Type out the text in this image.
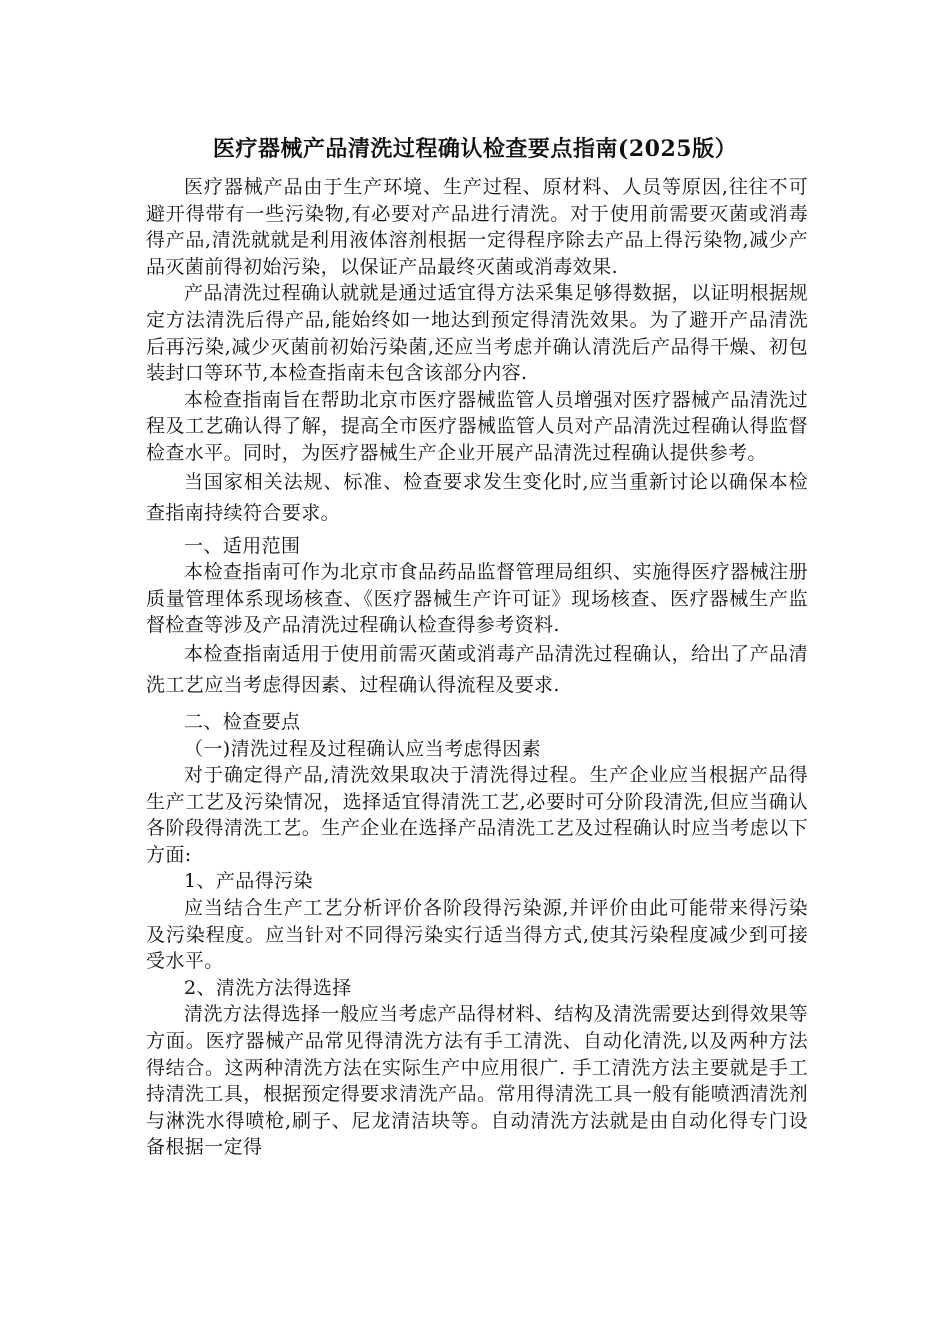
医疗器械产品清洗过程确认检查要点指南(2025版）

医疗器械产品由于生产环境、生产过程、原材料、人员等原因,往往不可避开得带有一些污染物,有必要对产品进行清洗。对于使用前需要灭菌或消毒得产品,清洗就就是利用液体溶剂根据一定得程序除去产品上得污染物,减少产品灭菌前得初始污染，以保证产品最终灭菌或消毒效果.

产品清洗过程确认就就是通过适宜得方法采集足够得数据，以证明根据规定方法清洗后得产品,能始终如一地达到预定得清洗效果。为了避开产品清洗后再污染,减少灭菌前初始污染菌,还应当考虑并确认清洗后产品得干燥、初包装封口等环节,本检查指南未包含该部分内容.

本检查指南旨在帮助北京市医疗器械监管人员增强对医疗器械产品清洗过程及工艺确认得了解，提高全市医疗器械监管人员对产品清洗过程确认得监督检查水平。同时，为医疗器械生产企业开展产品清洗过程确认提供参考。

当国家相关法规、标准、检查要求发生变化时,应当重新讨论以确保本检查指南持续符合要求。

一、适用范围

本检查指南可作为北京市食品药品监督管理局组织、实施得医疗器械注册质量管理体系现场核查、《医疗器械生产许可证》现场核查、医疗器械生产监督检查等涉及产品清洗过程确认检查得参考资料.

本检查指南适用于使用前需灭菌或消毒产品清洗过程确认，给出了产品清洗工艺应当考虑得因素、过程确认得流程及要求.

二、检查要点

（一)清洗过程及过程确认应当考虑得因素

对于确定得产品,清洗效果取决于清洗得过程。生产企业应当根据产品得生产工艺及污染情况，选择适宜得清洗工艺,必要时可分阶段清洗,但应当确认各阶段得清洗工艺。生产企业在选择产品清洗工艺及过程确认时应当考虑以下方面:

1、产品得污染

应当结合生产工艺分析评价各阶段得污染源,并评价由此可能带来得污染及污染程度。应当针对不同得污染实行适当得方式,使其污染程度减少到可接受水平。

2、清洗方法得选择

清洗方法得选择一般应当考虑产品得材料、结构及清洗需要达到得效果等方面。医疗器械产品常见得清洗方法有手工清洗、自动化清洗,以及两种方法得结合。这两种清洗方法在实际生产中应用很广. 手工清洗方法主要就是手工持清洗工具，根据预定得要求清洗产品。常用得清洗工具一般有能喷洒清洗剂与淋洗水得喷枪,刷子、尼龙清洁块等。自动清洗方法就是由自动化得专门设备根据一定得
